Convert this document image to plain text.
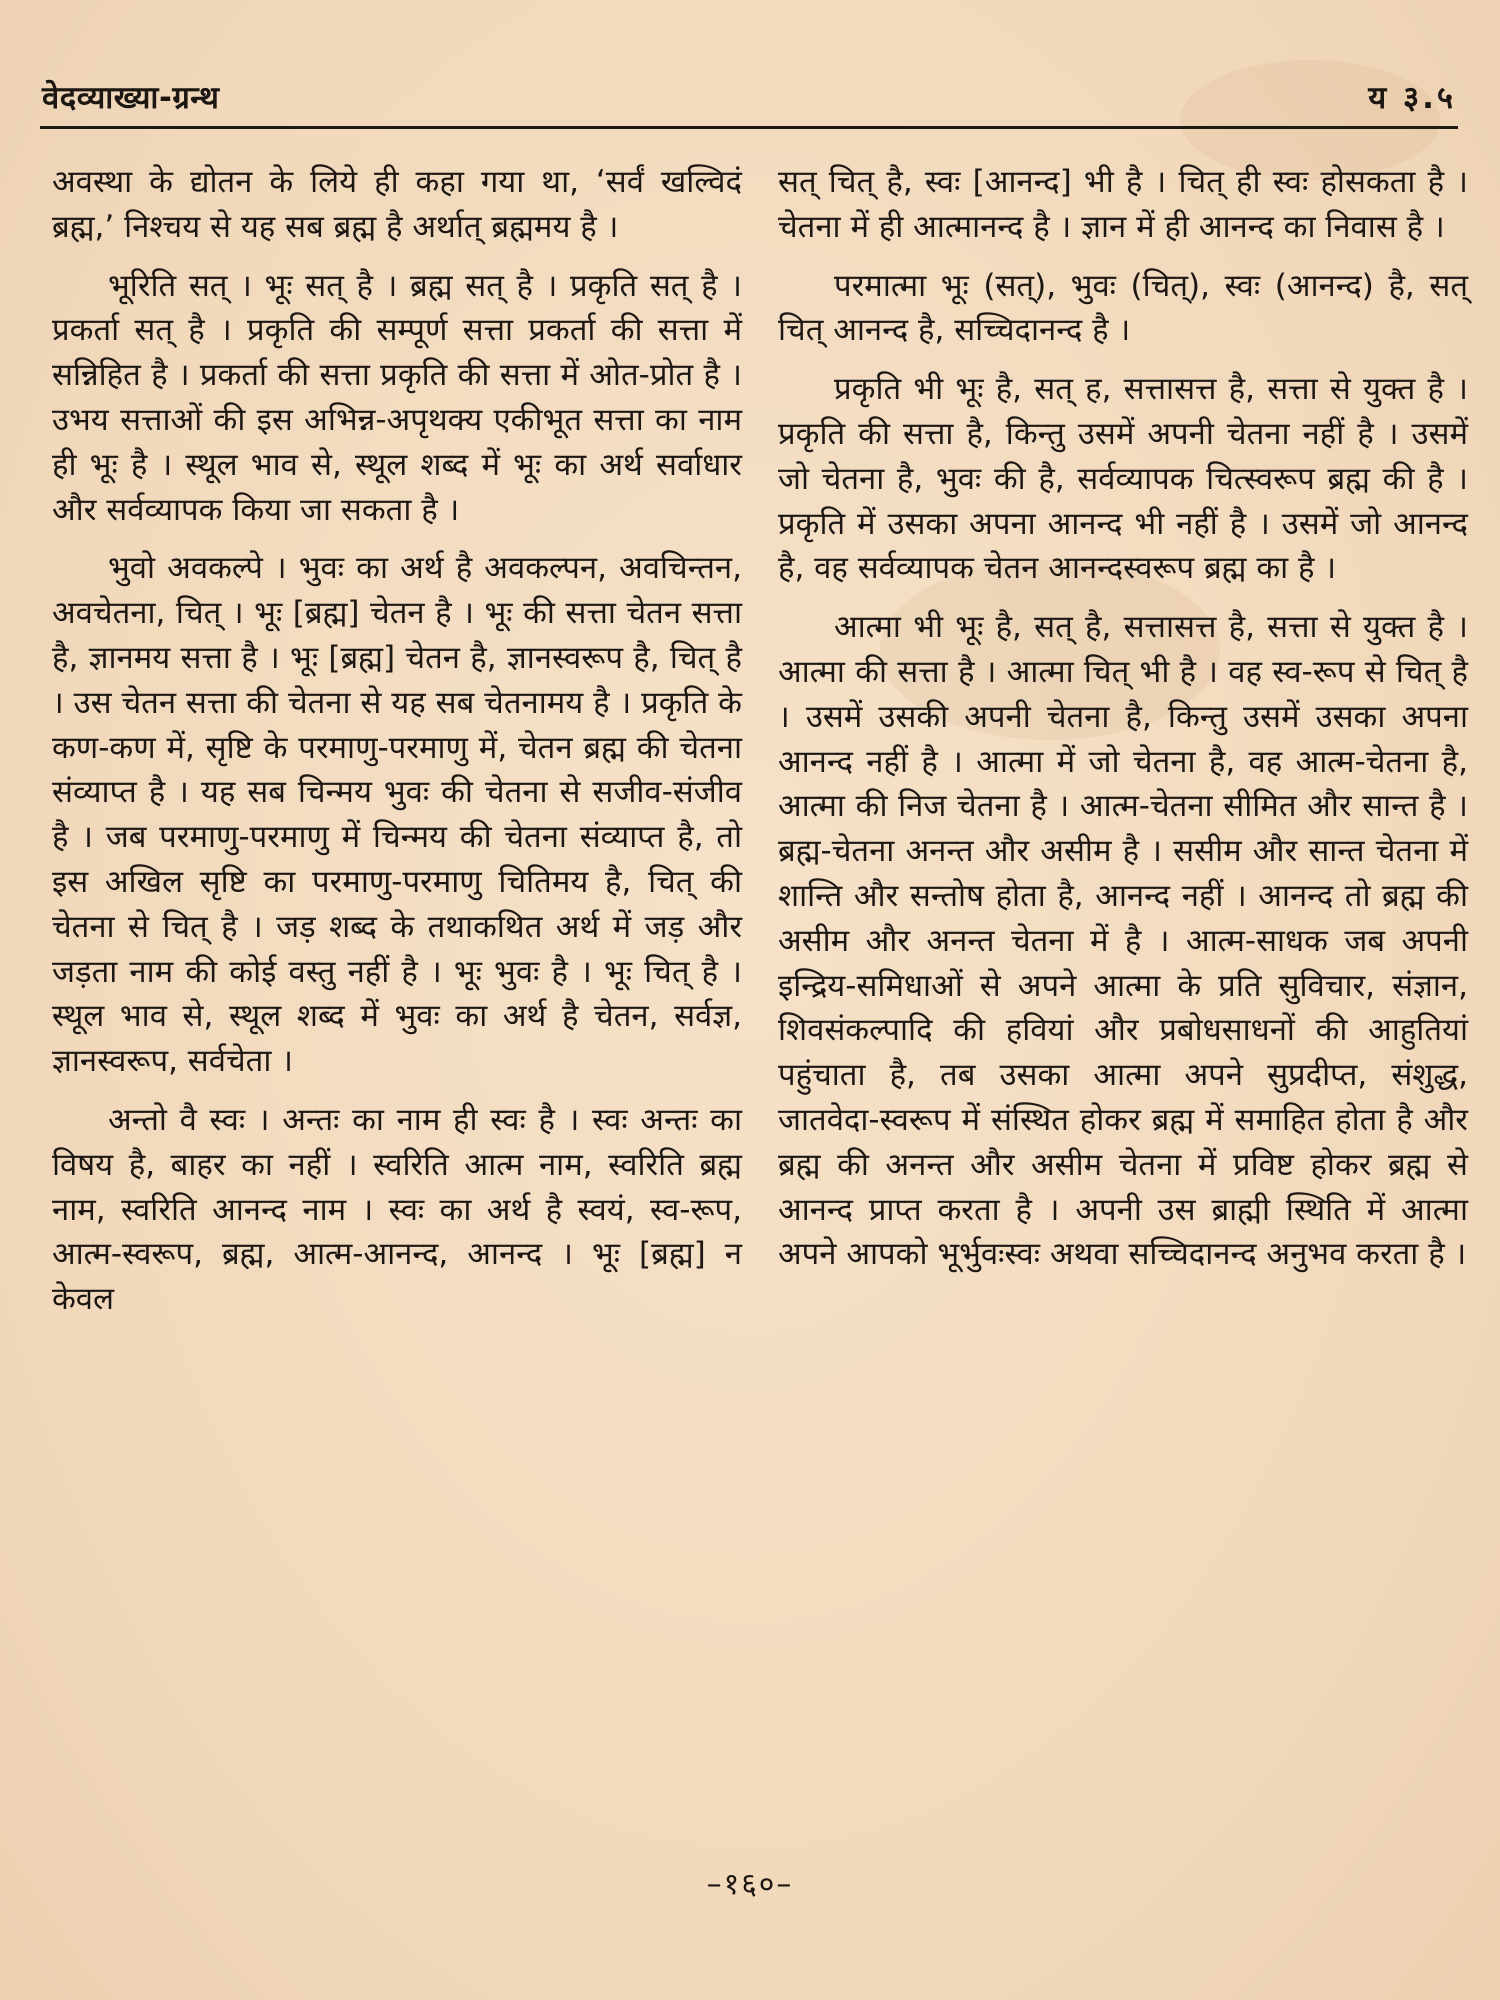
वेदव्याख्या-ग्रन्थ	य ३.५

अवस्था के द्योतन के लिये ही कहा गया था, ‘सर्वं खल्विदं ब्रह्म,’ निश्चय से यह सब ब्रह्म है अर्थात् ब्रह्ममय है ।

भूरिति सत् । भूः सत् है । ब्रह्म सत् है । प्रकृति सत् है । प्रकर्ता सत् है । प्रकृति की सम्पूर्ण सत्ता प्रकर्ता की सत्ता में सन्निहित है । प्रकर्ता की सत्ता प्रकृति की सत्ता में ओत-प्रोत है । उभय सत्ताओं की इस अभिन्न-अपृथक्य एकीभूत सत्ता का नाम ही भूः है । स्थूल भाव से, स्थूल शब्द में भूः का अर्थ सर्वाधार और सर्वव्यापक किया जा सकता है ।

भुवो अवकल्पे । भुवः का अर्थ है अवकल्पन, अवचिन्तन, अवचेतना, चित् । भूः [ब्रह्म] चेतन है । भूः की सत्ता चेतन सत्ता है, ज्ञानमय सत्ता है । भूः [ब्रह्म] चेतन है, ज्ञानस्वरूप है, चित् है । उस चेतन सत्ता की चेतना से यह सब चेतनामय है । प्रकृति के कण-कण में, सृष्टि के परमाणु-परमाणु में, चेतन ब्रह्म की चेतना संव्याप्त है । यह सब चिन्मय भुवः की चेतना से सजीव-संजीव है । जब परमाणु-परमाणु में चिन्मय की चेतना संव्याप्त है, तो इस अखिल सृष्टि का परमाणु-परमाणु चितिमय है, चित् की चेतना से चित् है । जड़ शब्द के तथाकथित अर्थ में जड़ और जड़ता नाम की कोई वस्तु नहीं है । भूः भुवः है । भूः चित् है । स्थूल भाव से, स्थूल शब्द में भुवः का अर्थ है चेतन, सर्वज्ञ, ज्ञानस्वरूप, सर्वचेता ।

अन्तो वै स्वः । अन्तः का नाम ही स्वः है । स्वः अन्तः का विषय है, बाहर का नहीं । स्वरिति आत्म नाम, स्वरिति ब्रह्म नाम, स्वरिति आनन्द नाम । स्वः का अर्थ है स्वयं, स्व-रूप, आत्म-स्वरूप, ब्रह्म, आत्म-आनन्द, आनन्द । भूः [ब्रह्म] न केवल

सत् चित् है, स्वः [आनन्द] भी है । चित् ही स्वः होसकता है । चेतना में ही आत्मानन्द है । ज्ञान में ही आनन्द का निवास है ।

परमात्मा भूः (सत्), भुवः (चित्), स्वः (आनन्द) है, सत् चित् आनन्द है, सच्चिदानन्द है ।

प्रकृति भी भूः है, सत् ह, सत्तासत्त है, सत्ता से युक्त है । प्रकृति की सत्ता है, किन्तु उसमें अपनी चेतना नहीं है । उसमें जो चेतना है, भुवः की है, सर्वव्यापक चित्स्वरूप ब्रह्म की है । प्रकृति में उसका अपना आनन्द भी नहीं है । उसमें जो आनन्द है, वह सर्वव्यापक चेतन आनन्दस्वरूप ब्रह्म का है ।

आत्मा भी भूः है, सत् है, सत्तासत्त है, सत्ता से युक्त है । आत्मा की सत्ता है । आत्मा चित् भी है । वह स्व-रूप से चित् है । उसमें उसकी अपनी चेतना है, किन्तु उसमें उसका अपना आनन्द नहीं है । आत्मा में जो चेतना है, वह आत्म-चेतना है, आत्मा की निज चेतना है । आत्म-चेतना सीमित और सान्त है । ब्रह्म-चेतना अनन्त और असीम है । ससीम और सान्त चेतना में शान्ति और सन्तोष होता है, आनन्द नहीं । आनन्द तो ब्रह्म की असीम और अनन्त चेतना में है । आत्म-साधक जब अपनी इन्द्रिय-समिधाओं से अपने आत्मा के प्रति सुविचार, संज्ञान, शिवसंकल्पादि की हवियां और प्रबोधसाधनों की आहुतियां पहुंचाता है, तब उसका आत्मा अपने सुप्रदीप्त, संशुद्ध, जातवेदा-स्वरूप में संस्थित होकर ब्रह्म में समाहित होता है और ब्रह्म की अनन्त और असीम चेतना में प्रविष्ट होकर ब्रह्म से आनन्द प्राप्त करता है । अपनी उस ब्राह्मी स्थिति में आत्मा अपने आपको भूर्भुवःस्वः अथवा सच्चिदानन्द अनुभव करता है ।

–१६०–
